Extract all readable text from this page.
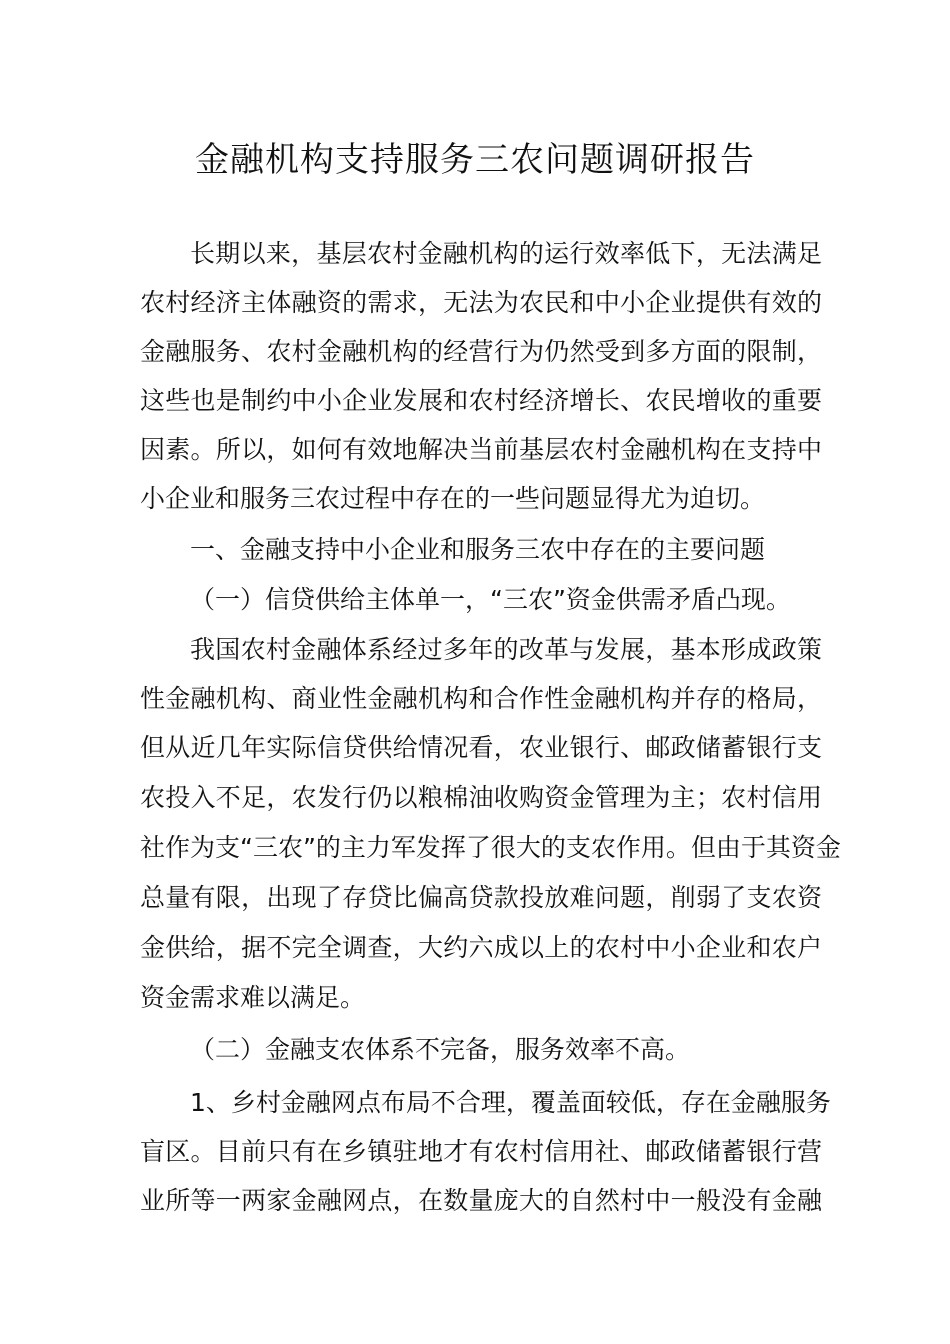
金融机构支持服务三农问题调研报告

长期以来，基层农村金融机构的运行效率低下，无法满足

农村经济主体融资的需求，无法为农民和中小企业提供有效的

金融服务、农村金融机构的经营行为仍然受到多方面的限制，

这些也是制约中小企业发展和农村经济增长、农民增收的重要

因素。所以，如何有效地解决当前基层农村金融机构在支持中

小企业和服务三农过程中存在的一些问题显得尤为迫切。

一、金融支持中小企业和服务三农中存在的主要问题

（一）信贷供给主体单一，“三农”资金供需矛盾凸现。

我国农村金融体系经过多年的改革与发展，基本形成政策

性金融机构、商业性金融机构和合作性金融机构并存的格局，

但从近几年实际信贷供给情况看，农业银行、邮政储蓄银行支

农投入不足，农发行仍以粮棉油收购资金管理为主；农村信用

社作为支“三农”的主力军发挥了很大的支农作用。但由于其资金

总量有限，出现了存贷比偏高贷款投放难问题，削弱了支农资

金供给，据不完全调查，大约六成以上的农村中小企业和农户

资金需求难以满足。

（二）金融支农体系不完备，服务效率不高。

1、乡村金融网点布局不合理，覆盖面较低，存在金融服务

盲区。目前只有在乡镇驻地才有农村信用社、邮政储蓄银行营

业所等一两家金融网点，在数量庞大的自然村中一般没有金融
